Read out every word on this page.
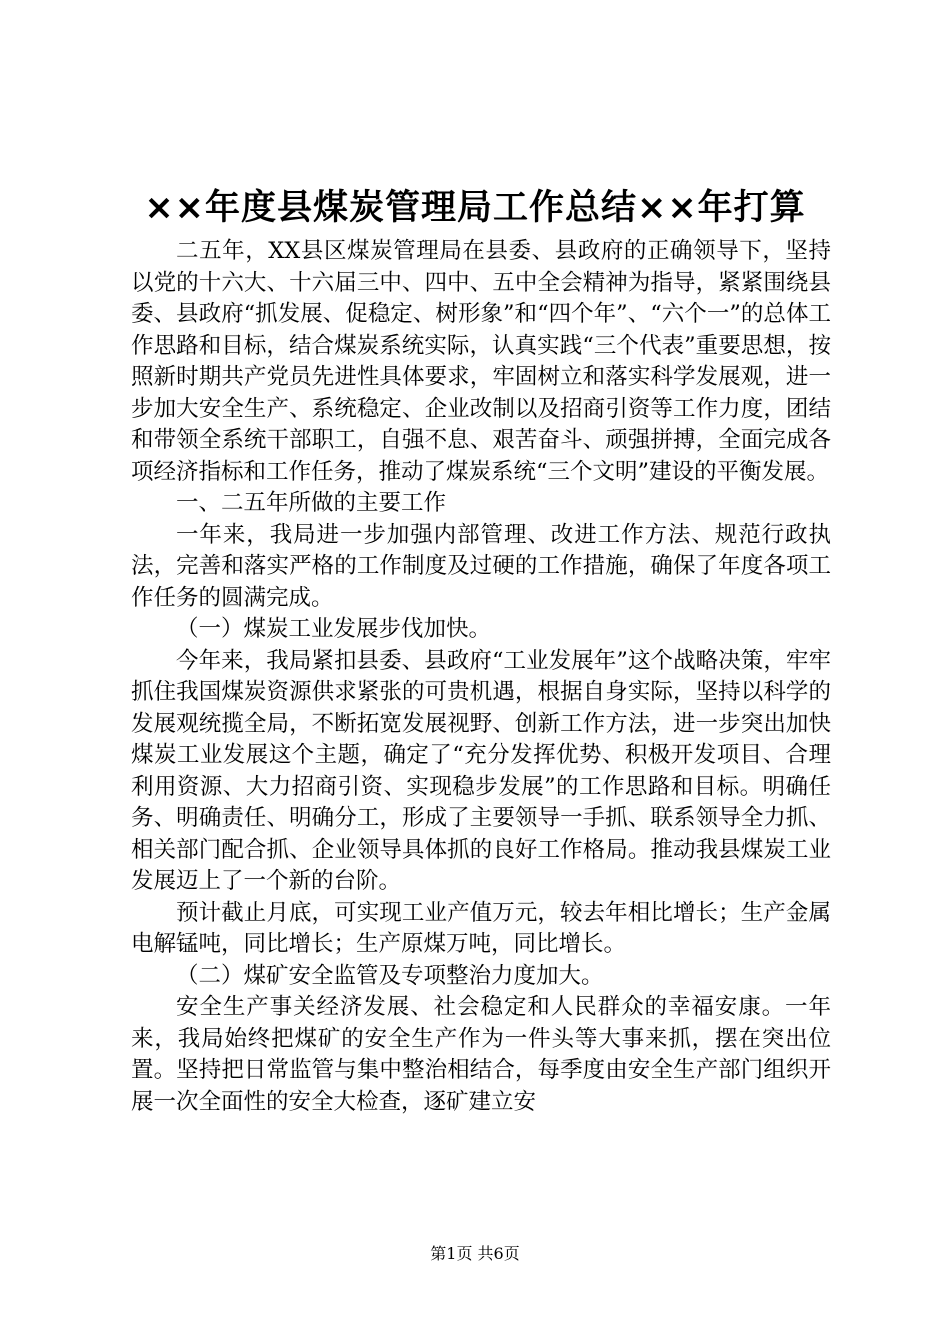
××年度县煤炭管理局工作总结××年打算

二五年，XX县区煤炭管理局在县委、县政府的正确领导下，坚持以党的十六大、十六届三中、四中、五中全会精神为指导，紧紧围绕县委、县政府“抓发展、促稳定、树形象”和“四个年”、“六个一”的总体工作思路和目标，结合煤炭系统实际，认真实践“三个代表”重要思想，按照新时期共产党员先进性具体要求，牢固树立和落实科学发展观，进一步加大安全生产、系统稳定、企业改制以及招商引资等工作力度，团结和带领全系统干部职工，自强不息、艰苦奋斗、顽强拼搏，全面完成各项经济指标和工作任务，推动了煤炭系统“三个文明”建设的平衡发展。

一、二五年所做的主要工作

一年来，我局进一步加强内部管理、改进工作方法、规范行政执法，完善和落实严格的工作制度及过硬的工作措施，确保了年度各项工作任务的圆满完成。

（一）煤炭工业发展步伐加快。

今年来，我局紧扣县委、县政府“工业发展年”这个战略决策，牢牢抓住我国煤炭资源供求紧张的可贵机遇，根据自身实际，坚持以科学的发展观统揽全局，不断拓宽发展视野、创新工作方法，进一步突出加快煤炭工业发展这个主题，确定了“充分发挥优势、积极开发项目、合理利用资源、大力招商引资、实现稳步发展”的工作思路和目标。明确任务、明确责任、明确分工，形成了主要领导一手抓、联系领导全力抓、相关部门配合抓、企业领导具体抓的良好工作格局。推动我县煤炭工业发展迈上了一个新的台阶。

预计截止月底，可实现工业产值万元，较去年相比增长；生产金属电解锰吨，同比增长；生产原煤万吨，同比增长。

（二）煤矿安全监管及专项整治力度加大。

安全生产事关经济发展、社会稳定和人民群众的幸福安康。一年来，我局始终把煤矿的安全生产作为一件头等大事来抓，摆在突出位置。坚持把日常监管与集中整治相结合，每季度由安全生产部门组织开展一次全面性的安全大检查，逐矿建立安

第1页 共6页
